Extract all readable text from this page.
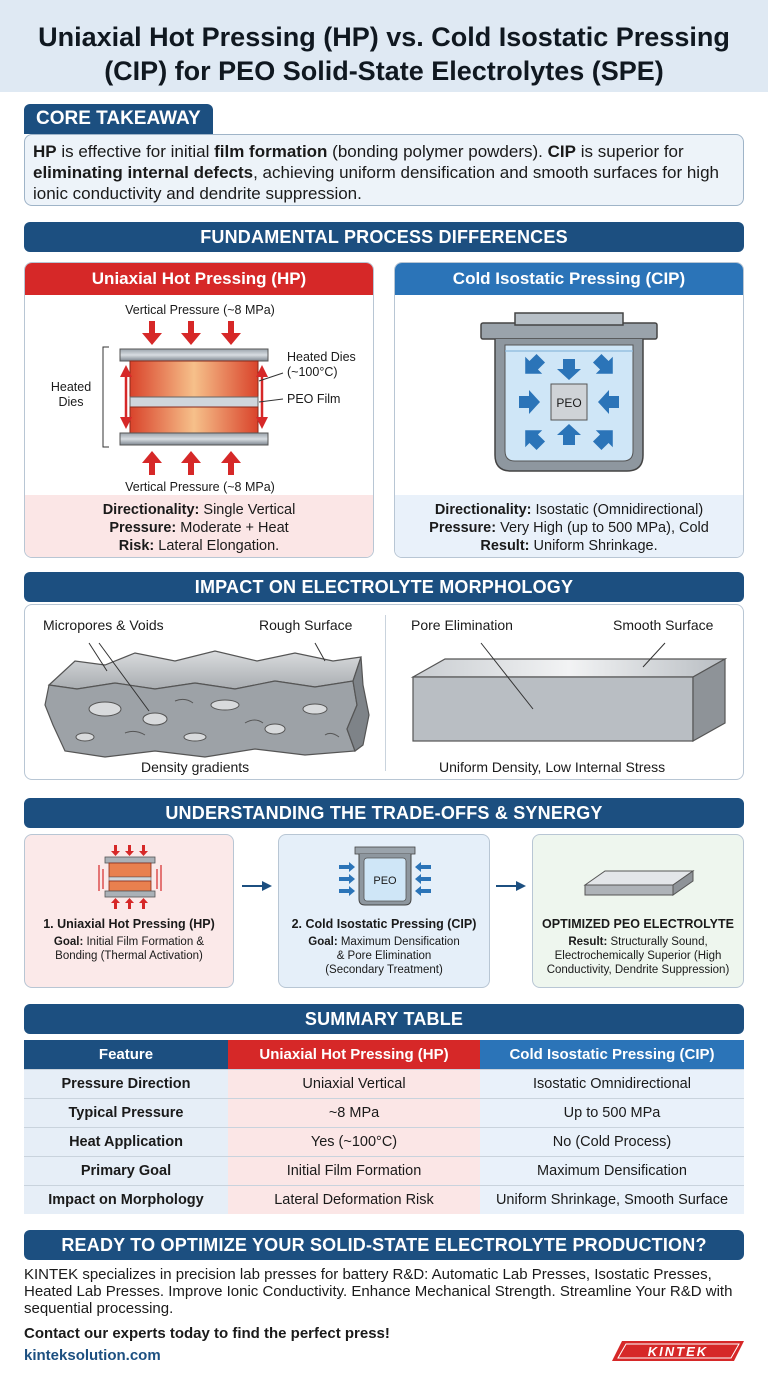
Uniaxial Hot Pressing (HP) vs. Cold Isostatic Pressing
(CIP) for PEO Solid-State Electrolytes (SPE)
CORE TAKEAWAY
HP is effective for initial film formation (bonding polymer powders). CIP is superior for eliminating internal defects, achieving uniform densification and smooth surfaces for high ionic conductivity and dendrite suppression.
FUNDAMENTAL PROCESS DIFFERENCES
Uniaxial Hot Pressing (HP)
Vertical Pressure (~8 MPa)
Heated
Dies
Heated Dies
(~100°C)
PEO Film
Vertical Pressure (~8 MPa)
Directionality: Single Vertical
Pressure: Moderate + Heat
Risk: Lateral Elongation.
Cold Isostatic Pressing (CIP)
PEO
Directionality: Isostatic (Omnidirectional)
Pressure: Very High (up to 500 MPa), Cold
Result: Uniform Shrinkage.
IMPACT ON ELECTROLYTE MORPHOLOGY
Micropores & Voids	Rough Surface
Density gradients
Pore Elimination	Smooth Surface
Uniform Density, Low Internal Stress
UNDERSTANDING THE TRADE-OFFS & SYNERGY
1. Uniaxial Hot Pressing (HP)
Goal: Initial Film Formation &
Bonding (Thermal Activation)
PEO
2. Cold Isostatic Pressing (CIP)
Goal: Maximum Densification
& Pore Elimination
(Secondary Treatment)
OPTIMIZED PEO ELECTROLYTE
Result: Structurally Sound,
Electrochemically Superior (High
Conductivity, Dendrite Suppression)
SUMMARY TABLE
Feature	Uniaxial Hot Pressing (HP)	Cold Isostatic Pressing (CIP)
Pressure Direction	Uniaxial Vertical	Isostatic Omnidirectional
Typical Pressure	~8 MPa	Up to 500 MPa
Heat Application	Yes (~100°C)	No (Cold Process)
Primary Goal	Initial Film Formation	Maximum Densification
Impact on Morphology	Lateral Deformation Risk	Uniform Shrinkage, Smooth Surface
READY TO OPTIMIZE YOUR SOLID-STATE ELECTROLYTE PRODUCTION?
KINTEK specializes in precision lab presses for battery R&D: Automatic Lab Presses, Isostatic Presses, Heated Lab Presses. Improve Ionic Conductivity. Enhance Mechanical Strength. Streamline Your R&D with sequential processing.
Contact our experts today to find the perfect press!
kinteksolution.com	KINTEK
